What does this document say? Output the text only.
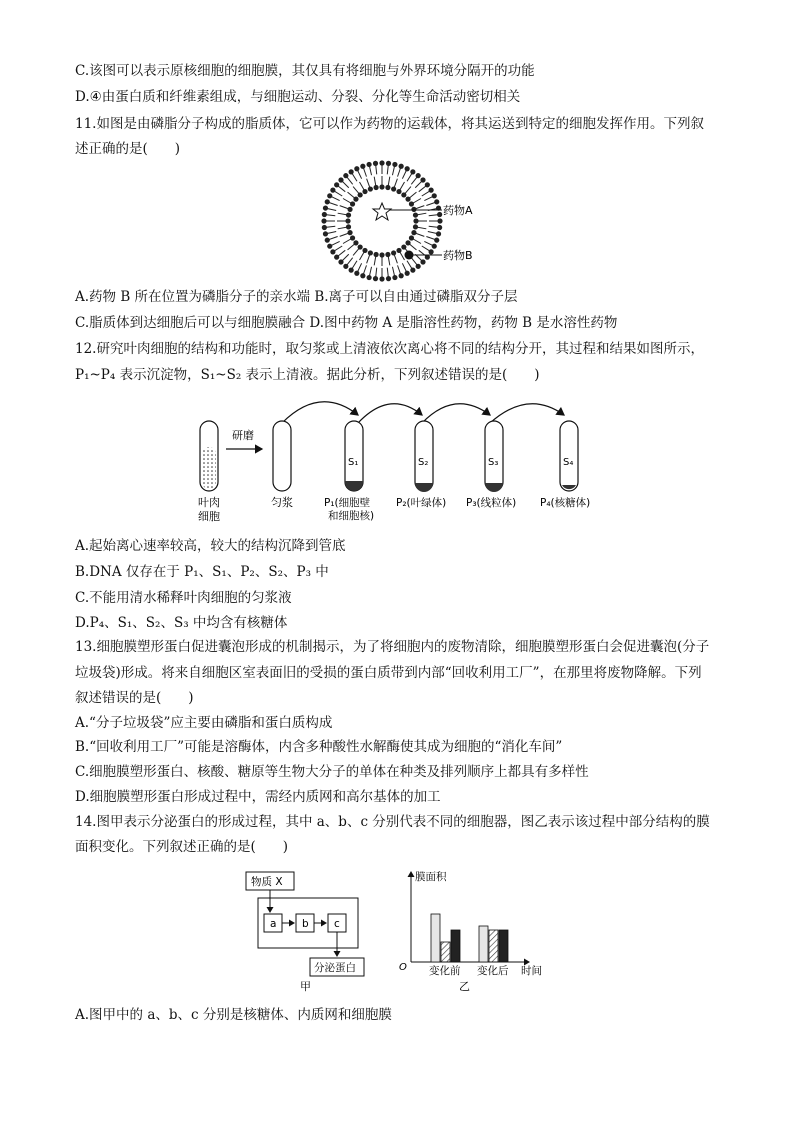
C.该图可以表示原核细胞的细胞膜，其仅具有将细胞与外界环境分隔开的功能
D.④由蛋白质和纤维素组成，与细胞运动、分裂、分化等生命活动密切相关
11.如图是由磷脂分子构成的脂质体，它可以作为药物的运载体，将其运送到特定的细胞发挥作用。下列叙
述正确的是(　　)
药物A
药物B
A.药物 B 所在位置为磷脂分子的亲水端 B.离子可以自由通过磷脂双分子层
C.脂质体到达细胞后可以与细胞膜融合 D.图中药物 A 是脂溶性药物，药物 B 是水溶性药物
12.研究叶肉细胞的结构和功能时，取匀浆或上清液依次离心将不同的结构分开，其过程和结果如图所示，
P₁~P₄ 表示沉淀物，S₁~S₂ 表示上清液。据此分析，下列叙述错误的是(　　)
研磨
叶肉
细胞
匀浆
S₁	S₂	S₃	S₄
P₁(细胞壁
和细胞核)
P₂(叶绿体) P₃(线粒体) P₄(核糖体)
A.起始离心速率较高，较大的结构沉降到管底
B.DNA 仅存在于 P₁、S₁、P₂、S₂、P₃ 中
C.不能用清水稀释叶肉细胞的匀浆液
D.P₄、S₁、S₂、S₃ 中均含有核糖体
13.细胞膜塑形蛋白促进囊泡形成的机制揭示，为了将细胞内的废物清除，细胞膜塑形蛋白会促进囊泡(分子
垃圾袋)形成。将来自细胞区室表面旧的受损的蛋白质带到内部“回收利用工厂”，在那里将废物降解。下列
叙述错误的是(　　)
A.“分子垃圾袋”应主要由磷脂和蛋白质构成
B.“回收利用工厂”可能是溶酶体，内含多种酸性水解酶使其成为细胞的“消化车间”
C.细胞膜塑形蛋白、核酸、糖原等生物大分子的单体在种类及排列顺序上都具有多样性
D.细胞膜塑形蛋白形成过程中，需经内质网和高尔基体的加工
14.图甲表示分泌蛋白的形成过程，其中 a、b、c 分别代表不同的细胞器，图乙表示该过程中部分结构的膜
面积变化。下列叙述正确的是(　　)
物质 X
a b c
分泌蛋白
甲
膜面积
时间
O 变化前 变化后
乙
A.图甲中的 a、b、c 分别是核糖体、内质网和细胞膜
